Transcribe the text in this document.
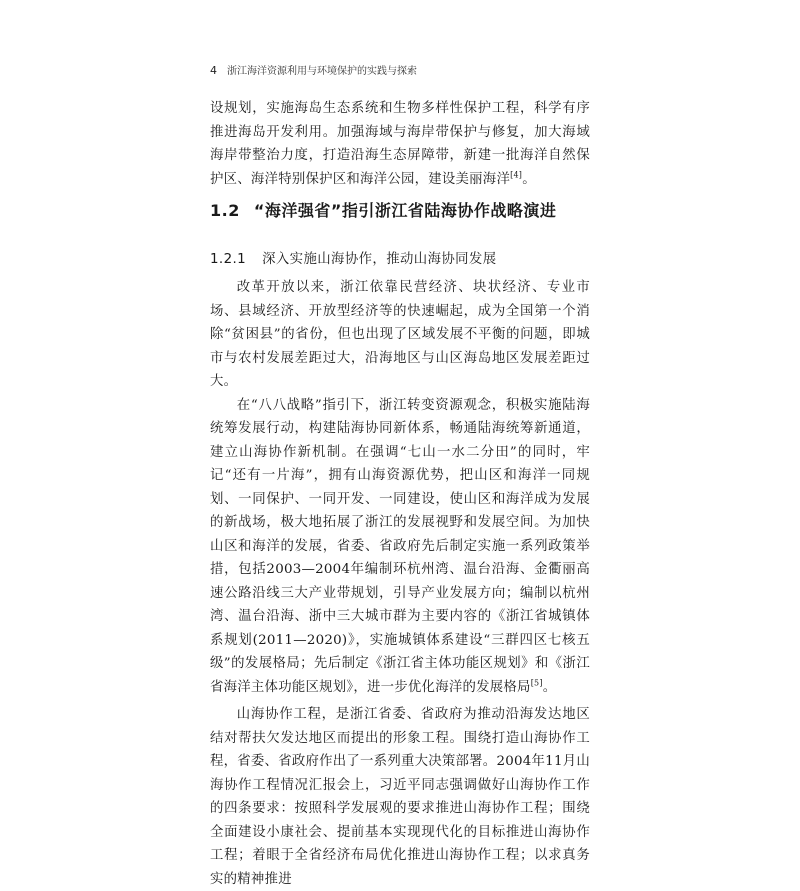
4 浙江海洋资源利用与环境保护的实践与探索

设规划，实施海岛生态系统和生物多样性保护工程，科学有序推进海岛开发利用。加强海域与海岸带保护与修复，加大海域海岸带整治力度，打造沿海生态屏障带，新建一批海洋自然保护区、海洋特别保护区和海洋公园，建设美丽海洋[4]。

1.2 “海洋强省”指引浙江省陆海协作战略演进
1.2.1 深入实施山海协作，推动山海协同发展

改革开放以来，浙江依靠民营经济、块状经济、专业市场、县域经济、开放型经济等的快速崛起，成为全国第一个消除“贫困县”的省份，但也出现了区域发展不平衡的问题，即城市与农村发展差距过大，沿海地区与山区海岛地区发展差距过大。

在“八八战略”指引下，浙江转变资源观念，积极实施陆海统筹发展行动，构建陆海协同新体系，畅通陆海统筹新通道，建立山海协作新机制。在强调“七山一水二分田”的同时，牢记“还有一片海”，拥有山海资源优势，把山区和海洋一同规划、一同保护、一同开发、一同建设，使山区和海洋成为发展的新战场，极大地拓展了浙江的发展视野和发展空间。为加快山区和海洋的发展，省委、省政府先后制定实施一系列政策举措，包括2003—2004年编制环杭州湾、温台沿海、金衢丽高速公路沿线三大产业带规划，引导产业发展方向；编制以杭州湾、温台沿海、浙中三大城市群为主要内容的《浙江省城镇体系规划(2011—2020)》，实施城镇体系建设“三群四区七核五级”的发展格局；先后制定《浙江省主体功能区规划》和《浙江省海洋主体功能区规划》，进一步优化海洋的发展格局[5]。

山海协作工程，是浙江省委、省政府为推动沿海发达地区结对帮扶欠发达地区而提出的形象工程。围绕打造山海协作工程，省委、省政府作出了一系列重大决策部署。2004年11月山海协作工程情况汇报会上，习近平同志强调做好山海协作工作的四条要求：按照科学发展观的要求推进山海协作工程；围绕全面建设小康社会、提前基本实现现代化的目标推进山海协作工程；着眼于全省经济布局优化推进山海协作工程；以求真务实的精神推进
